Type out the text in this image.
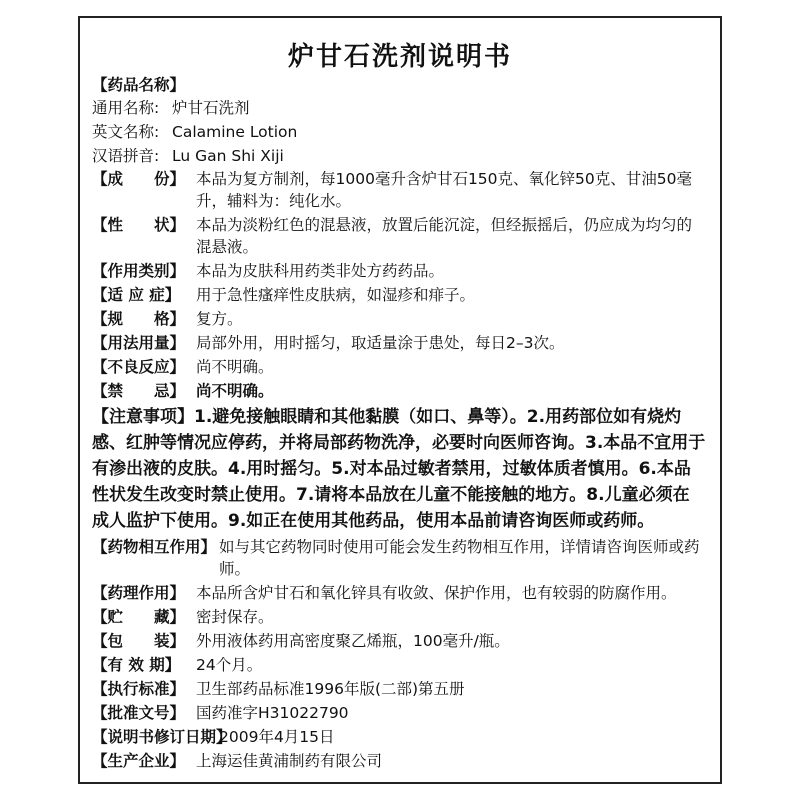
炉甘石洗剂说明书
【药品名称】
通用名称: 炉甘石洗剂
英文名称: Calamine Lotion
汉语拼音: Lu Gan Shi Xiji
【成　　份】 本品为复方制剂，每1000毫升含炉甘石150克、氧化锌50克、甘油50毫升，辅料为：纯化水。
【性　　状】 本品为淡粉红色的混悬液，放置后能沉淀，但经振摇后，仍应成为均匀的混悬液。
【作用类别】 本品为皮肤科用药类非处方药药品。
【适 应 症】 用于急性瘙痒性皮肤病，如湿疹和痱子。
【规　　格】 复方。
【用法用量】 局部外用，用时摇匀，取适量涂于患处，每日2–3次。
【不良反应】 尚不明确。
【禁　　忌】 尚不明确。
【注意事项】1.避免接触眼睛和其他黏膜（如口、鼻等）。2.用药部位如有烧灼感、红肿等情况应停药，并将局部药物洗净，必要时向医师咨询。3.本品不宜用于有渗出液的皮肤。4.用时摇匀。5.对本品过敏者禁用，过敏体质者慎用。6.本品性状发生改变时禁止使用。7.请将本品放在儿童不能接触的地方。8.儿童必须在成人监护下使用。9.如正在使用其他药品，使用本品前请咨询医师或药师。
【药物相互作用】 如与其它药物同时使用可能会发生药物相互作用，详情请咨询医师或药师。
【药理作用】 本品所含炉甘石和氧化锌具有收敛、保护作用，也有较弱的防腐作用。
【贮　　藏】 密封保存。
【包　　装】 外用液体药用高密度聚乙烯瓶，100毫升/瓶。
【有 效 期】 24个月。
【执行标准】 卫生部药品标准1996年版(二部)第五册
【批准文号】 国药准字H31022790
【说明书修订日期】
2009年4月15日
【生产企业】 上海运佳黄浦制药有限公司
